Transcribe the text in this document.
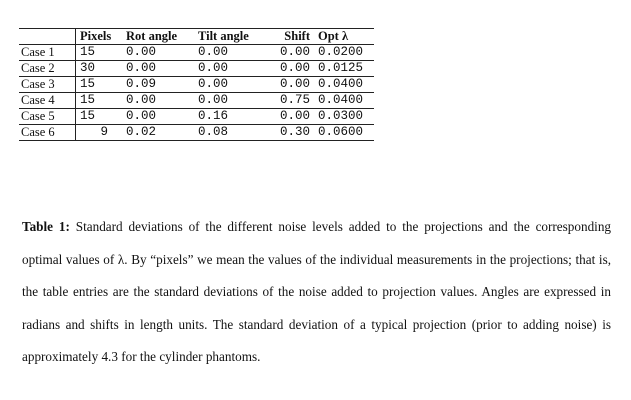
	Pixels	Rot angle	Tilt angle	Shift	Opt λ
Case 1	15	0.00	0.00	0.00	0.0200
Case 2	30	0.00	0.00	0.00	0.0125
Case 3	15	0.09	0.00	0.00	0.0400
Case 4	15	0.00	0.00	0.75	0.0400
Case 5	15	0.00	0.16	0.00	0.0300
Case 6	9	0.02	0.08	0.30	0.0600

Table 1: Standard deviations of the different noise levels added to the projections and the corresponding optimal values of λ. By “pixels” we mean the values of the individual measurements in the projections; that is, the table entries are the standard deviations of the noise added to projection values. Angles are expressed in radians and shifts in length units. The standard deviation of a typical projection (prior to adding noise) is approximately 4.3 for the cylinder phantoms.
